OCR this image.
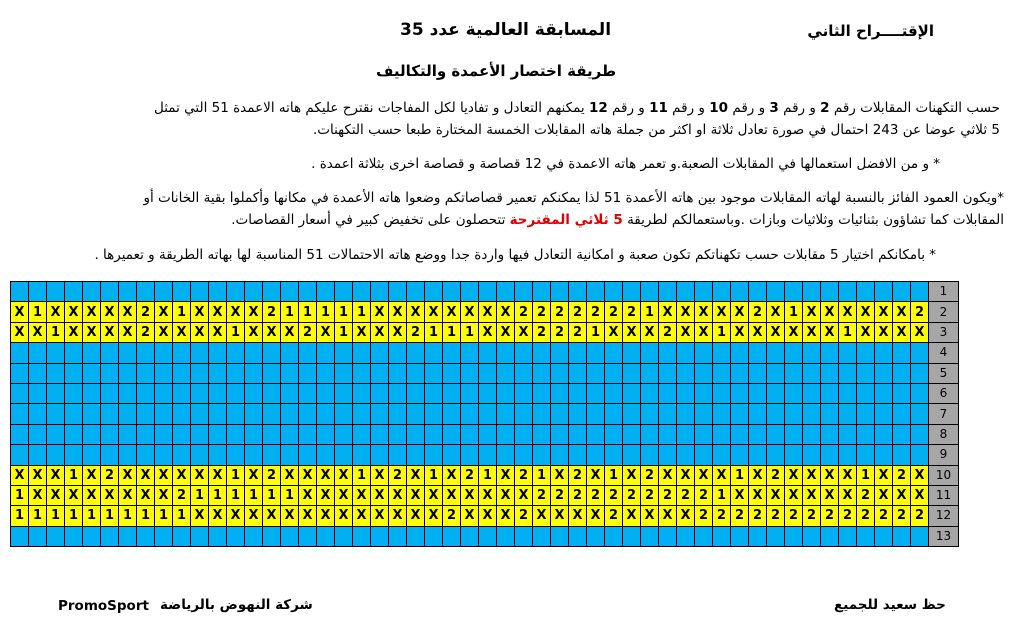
المسابقة العالمية عدد 35	الإقتــــراح الثاني
طريقة اختصار الأعمدة والتكاليف
حسب التكهنات المقابلات رقم 2 و رقم 3 و رقم 10 و رقم 11 و رقم 12 يمكنهم التعادل و تفاديا لكل المفاجات نقترح عليكم هاته الاعمدة 51 التي تمثل
5 ثلاثي عوضا عن 243 احتمال في صورة تعادل ثلاثة او اكثر من جملة هاته المقابلات الخمسة المختارة طبعا حسب التكهنات.
* و من الافضل استعمالها في المقابلات الصعبة.و تعمر هاته الاعمدة في 12 قصاصة و قصاصة اخرى بثلاثة اعمدة .
*ويكون العمود الفائز بالنسبة لهاته المقابلات موجود بين هاته الأعمدة 51 لذا يمكنكم تعمير قصاصاتكم وضعوا هاته الأعمدة في مكانها وأكملوا بقية الخانات أو
المقابلات كما تشاؤون بثنائيات وثلاثيات وبازات .وباستعمالكم لطريقة 5 ثلاثي المقترحة تتحصلون على تخفيض كبير في أسعار القصاصات.
* بامكانكم اختيار 5 مقابلات حسب تكهناتكم تكون صعبة و امكانية التعادل فيها واردة جدا ووضع هاته الاحتمالات 51 المناسبة لها بهاته الطريقة و تعميرها .
																																																			1
X	1	X	X	X	X	X	2	X	1	X	X	X	X	2	1	1	1	1	1	X	X	X	X	X	X	X	X	2	2	2	2	2	2	2	1	X	X	X	X	X	2	X	1	X	X	X	X	X	X	2	2
X	X	1	X	X	X	X	2	X	X	X	X	1	X	X	X	2	X	1	X	X	X	2	1	1	1	X	X	X	2	2	2	1	X	X	X	2	X	X	1	X	X	X	X	X	X	1	X	X	X	X	3
																																																			4
																																																			5
																																																			6
																																																			7
																																																			8
																																																			9
X	X	X	1	X	2	X	X	X	X	X	X	1	X	2	X	X	X	X	1	X	2	X	1	X	2	1	X	2	1	X	2	X	1	X	2	X	X	X	X	1	X	2	X	X	X	X	1	X	2	X	10
1	X	X	X	X	X	X	X	X	2	1	1	1	1	1	1	X	X	X	X	X	X	X	X	X	X	X	X	X	2	2	2	2	2	2	2	2	2	2	1	X	X	X	X	X	X	X	2	X	X	X	11
1	1	1	1	1	1	1	1	1	1	X	X	X	X	X	X	X	X	X	X	X	X	X	X	2	X	X	X	2	X	X	X	X	2	X	X	X	X	2	2	2	2	2	2	2	2	2	2	2	2	2	12
																																																			13
شركة النهوض بالرياضة
PromoSport	حظ سعيد للجميع
